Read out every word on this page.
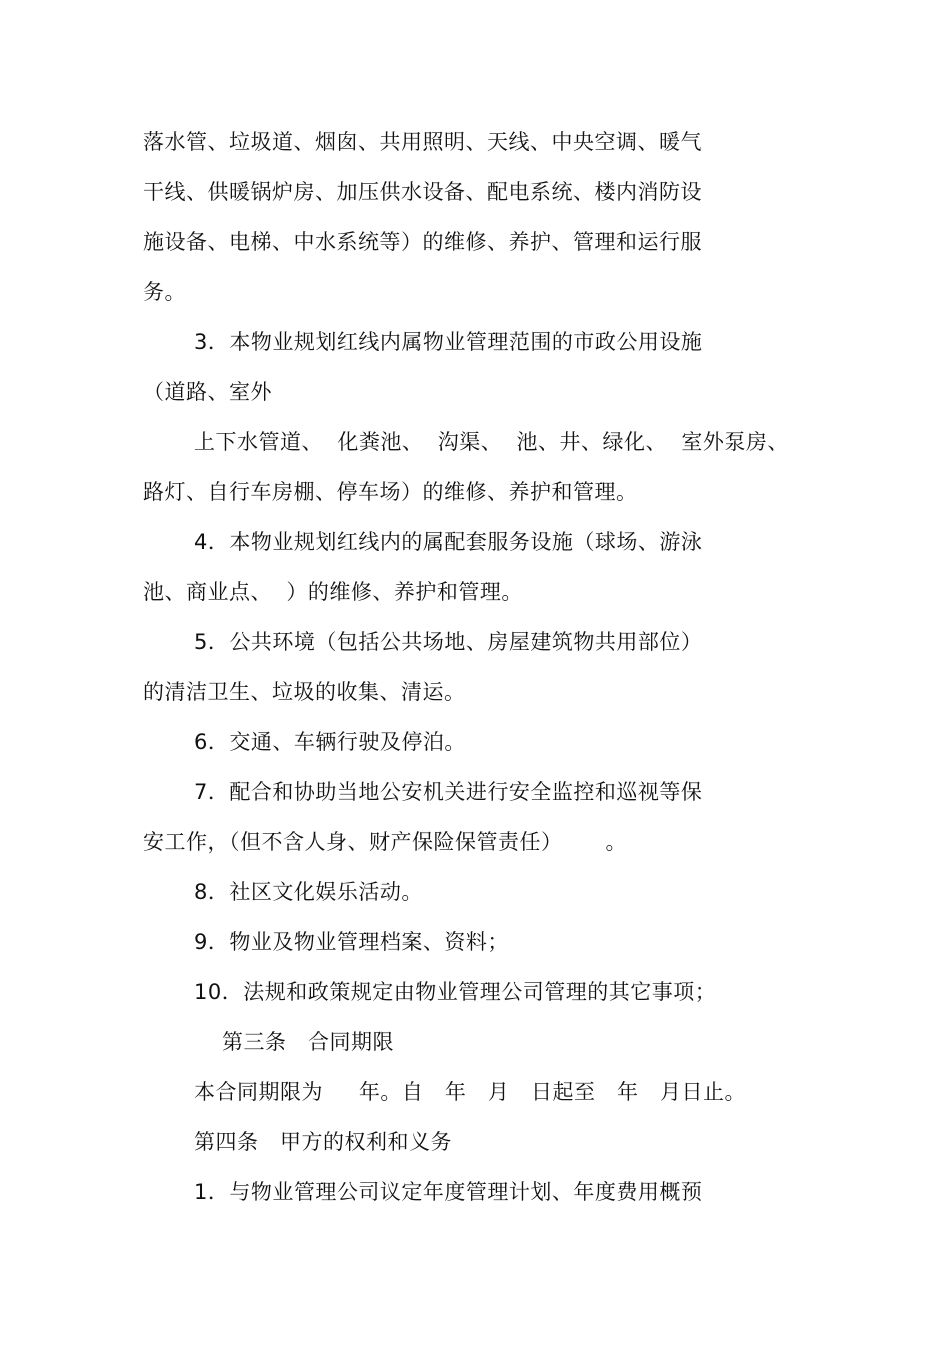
落水管、垃圾道、烟囱、共用照明、天线、中央空调、暖气
干线、供暖锅炉房、加压供水设备、配电系统、楼内消防设
施设备、电梯、中水系统等）的维修、养护、管理和运行服
务。
3．本物业规划红线内属物业管理范围的市政公用设施
（道路、室外
上下水管道、  化粪池、  沟渠、  池、井、绿化、  室外泵房、
路灯、自行车房棚、停车场）的维修、养护和管理。
4．本物业规划红线内的属配套服务设施（球场、游泳
池、商业点、  ）的维修、养护和管理。
5．公共环境（包括公共场地、房屋建筑物共用部位）
的清洁卫生、垃圾的收集、清运。
6．交通、车辆行驶及停泊。
7．配合和协助当地公安机关进行安全监控和巡视等保
安工作，（但不含人身、财产保险保管责任）      。
8．社区文化娱乐活动。
9．物业及物业管理档案、资料；
10．法规和政策规定由物业管理公司管理的其它事项；
第三条   合同期限
本合同期限为     年。自   年   月   日起至   年   月日止。
第四条   甲方的权利和义务
1．与物业管理公司议定年度管理计划、年度费用概预
